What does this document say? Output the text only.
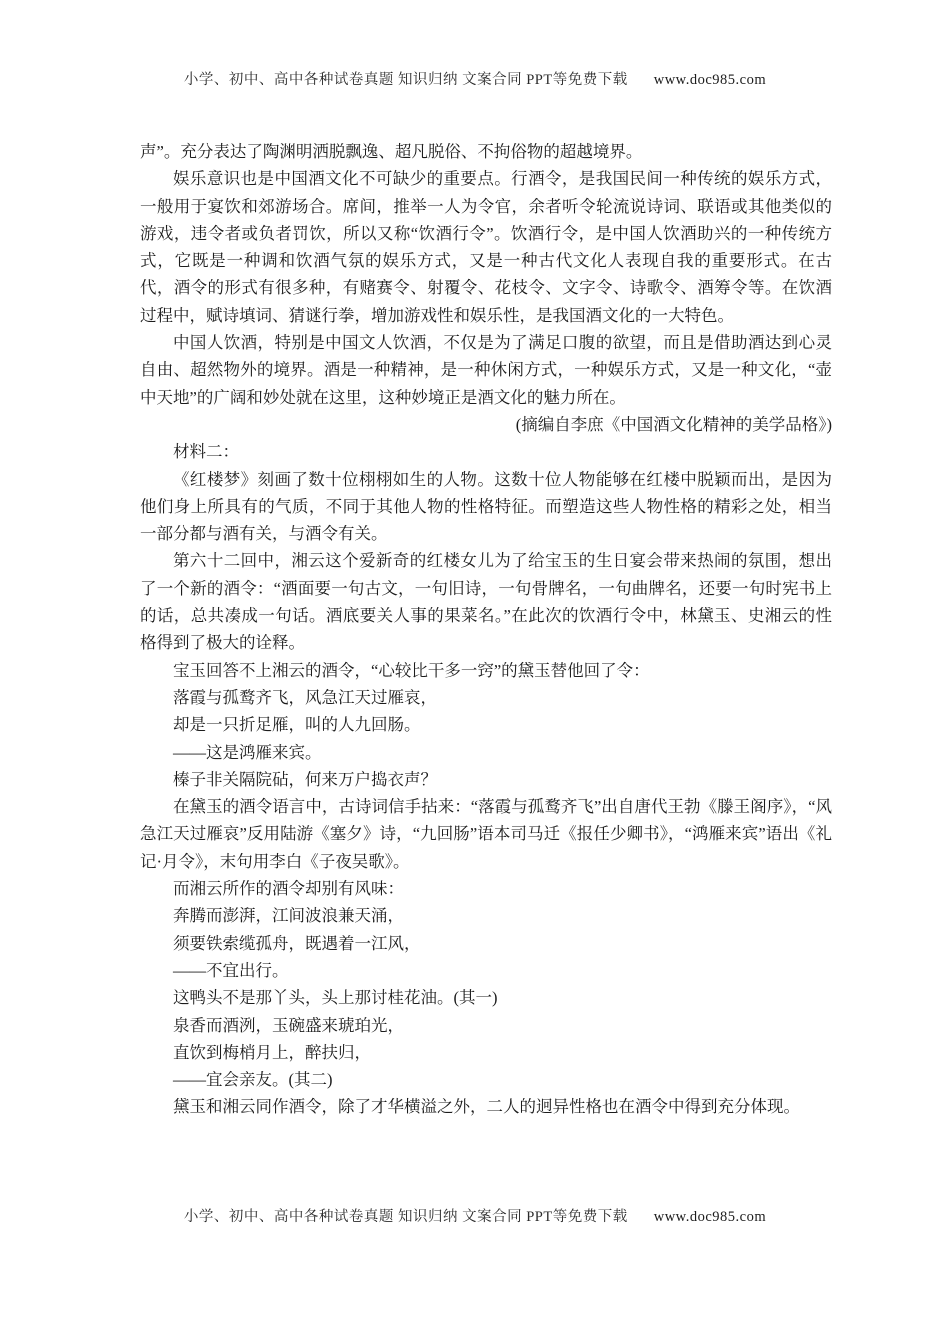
小学、初中、高中各种试卷真题 知识归纳 文案合同 PPT等免费下载 www.doc985.com

声”。充分表达了陶渊明洒脱飘逸、超凡脱俗、不拘俗物的超越境界。

娱乐意识也是中国酒文化不可缺少的重要点。行酒令，是我国民间一种传统的娱乐方式，一般用于宴饮和郊游场合。席间，推举一人为令官，余者听令轮流说诗词、联语或其他类似的游戏，违令者或负者罚饮，所以又称“饮酒行令”。饮酒行令，是中国人饮酒助兴的一种传统方式，它既是一种调和饮酒气氛的娱乐方式，又是一种古代文化人表现自我的重要形式。在古代，酒令的形式有很多种，有赌赛令、射覆令、花枝令、文字令、诗歌令、酒筹令等。在饮酒过程中，赋诗填词、猜谜行拳，增加游戏性和娱乐性，是我国酒文化的一大特色。

中国人饮酒，特别是中国文人饮酒，不仅是为了满足口腹的欲望，而且是借助酒达到心灵自由、超然物外的境界。酒是一种精神，是一种休闲方式，一种娱乐方式，又是一种文化，“壶中天地”的广阔和妙处就在这里，这种妙境正是酒文化的魅力所在。

(摘编自李庶《中国酒文化精神的美学品格》)

材料二：

《红楼梦》刻画了数十位栩栩如生的人物。这数十位人物能够在红楼中脱颖而出，是因为他们身上所具有的气质，不同于其他人物的性格特征。而塑造这些人物性格的精彩之处，相当一部分都与酒有关，与酒令有关。

第六十二回中，湘云这个爱新奇的红楼女儿为了给宝玉的生日宴会带来热闹的氛围，想出了一个新的酒令：“酒面要一句古文，一句旧诗，一句骨牌名，一句曲牌名，还要一句时宪书上的话，总共凑成一句话。酒底要关人事的果菜名。”在此次的饮酒行令中，林黛玉、史湘云的性格得到了极大的诠释。

宝玉回答不上湘云的酒令，“心较比干多一窍”的黛玉替他回了令：

落霞与孤鹜齐飞，风急江天过雁哀，

却是一只折足雁，叫的人九回肠。

——这是鸿雁来宾。

榛子非关隔院砧，何来万户捣衣声？

在黛玉的酒令语言中，古诗词信手拈来：“落霞与孤鹜齐飞”出自唐代王勃《滕王阁序》，“风急江天过雁哀”反用陆游《塞夕》诗，“九回肠”语本司马迁《报任少卿书》，“鸿雁来宾”语出《礼记·月令》，末句用李白《子夜吴歌》。

而湘云所作的酒令却别有风味：

奔腾而澎湃，江间波浪兼天涌，

须要铁索缆孤舟，既遇着一江风，

——不宜出行。

这鸭头不是那丫头，头上那讨桂花油。(其一)

泉香而酒洌，玉碗盛来琥珀光，

直饮到梅梢月上，醉扶归，

——宜会亲友。(其二)

黛玉和湘云同作酒令，除了才华横溢之外，二人的迥异性格也在酒令中得到充分体现。

小学、初中、高中各种试卷真题 知识归纳 文案合同 PPT等免费下载 www.doc985.com
